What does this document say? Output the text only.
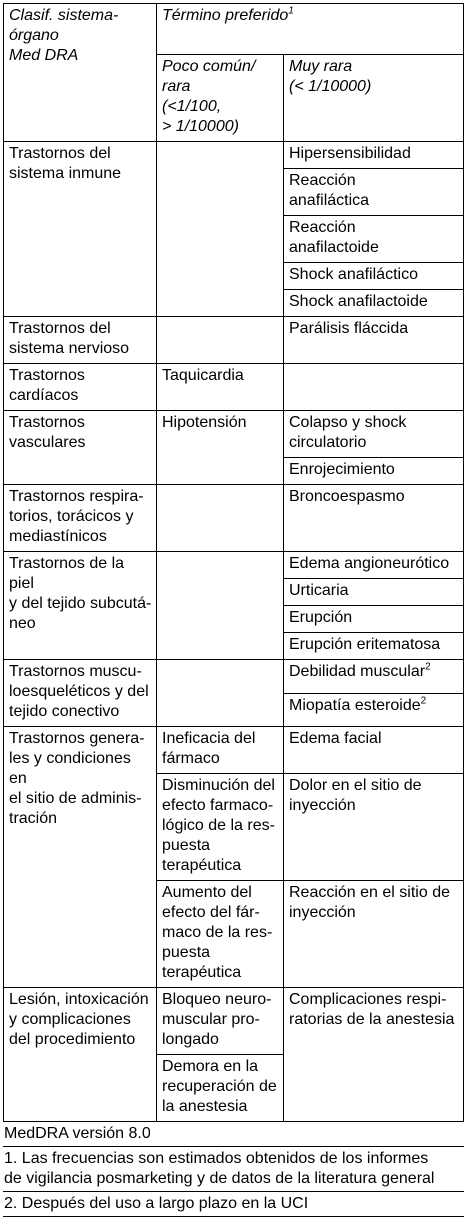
Clasif. sistema-
órgano
Med DRA	Término preferido$^1$
	Poco común/
rara
(<1/100,
> 1/10000)	Muy rara
(< 1/10000)
Trastornos del
sistema inmune		Hipersensibilidad
		Reacción
anafiláctica
		Reacción
anafilactoide
		Shock anafiláctico
		Shock anafilactoide
Trastornos del
sistema nervioso		Parálisis fláccida
Trastornos
cardíacos	Taquicardia	
Trastornos
vasculares	Hipotensión	Colapso y shock
circulatorio
		Enrojecimiento
Trastornos respira-
torios, torácicos y
mediastínicos		Broncoespasmo
Trastornos de la piel
y del tejido subcutá-
neo		Edema angioneurótico
		Urticaria
		Erupción
		Erupción eritematosa
Trastornos muscu-
loesqueléticos y del
tejido conectivo		Debilidad muscular$^2$
		Miopatía esteroide$^2$
Trastornos genera-
les y condiciones en
el sitio de adminis-
tración	Ineficacia del
fármaco	Edema facial
	Disminución del
efecto farmaco-
lógico de la res-
puesta
terapéutica	Dolor en el sitio de
inyección
	Aumento del
efecto del fár-
maco de la res-
puesta
terapéutica	Reacción en el sitio de
inyección
Lesión, intoxicación
y complicaciones
del procedimiento	Bloqueo neuro-
muscular pro-
longado	Complicaciones respi-
ratorias de la anestesia
	Demora en la
recuperación de
la anestesia	
MedDRA versión 8.0
1. Las frecuencias son estimados obtenidos de los informes
de vigilancia posmarketing y de datos de la literatura general
2. Después del uso a largo plazo en la UCI
